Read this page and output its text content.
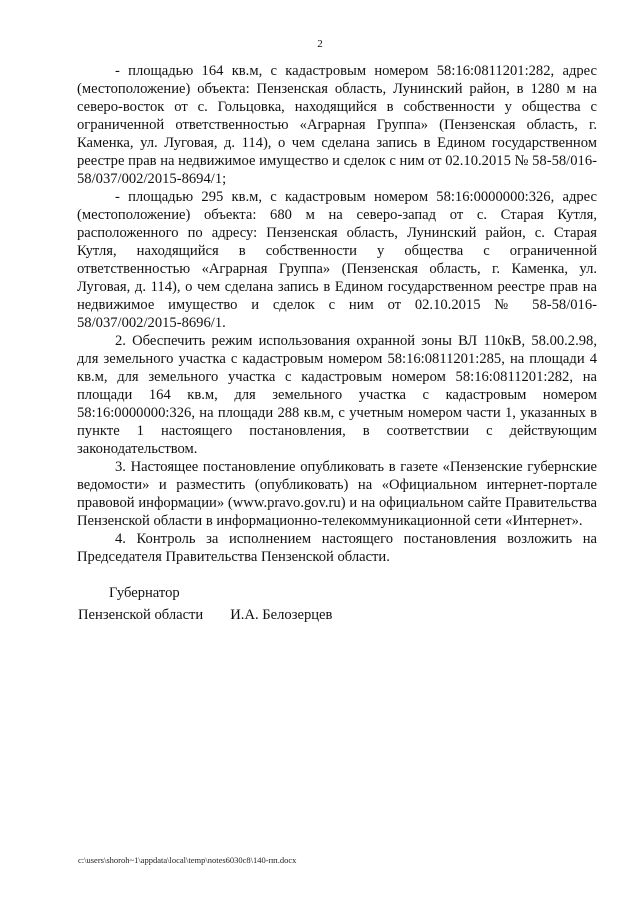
2

- площадью 164 кв.м, с кадастровым номером 58:16:0811201:282, адрес (местоположение) объекта: Пензенская область, Лунинский район, в 1280 м на северо-восток от с. Гольцовка, находящийся в собственности у общества с ограниченной ответственностью «Аграрная Группа» (Пензенская область, г. Каменка, ул. Луговая, д. 114), о чем сделана запись в Едином государственном реестре прав на недвижимое имущество и сделок с ним от 02.10.2015 № 58-58/016-58/037/002/2015-8694/1;

- площадью 295 кв.м, с кадастровым номером 58:16:0000000:326, адрес (местоположение) объекта: 680 м на северо-запад от с. Старая Кутля, расположенного по адресу: Пензенская область, Лунинский район, с. Старая Кутля, находящийся в собственности у общества с ограниченной ответственностью «Аграрная Группа» (Пензенская область, г. Каменка, ул. Луговая, д. 114), о чем сделана запись в Едином государственном реестре прав на недвижимое имущество и сделок с ним от 02.10.2015 № 58-58/016-58/037/002/2015-8696/1.

2. Обеспечить режим использования охранной зоны ВЛ 110кВ, 58.00.2.98, для земельного участка с кадастровым номером 58:16:0811201:285, на площади 4 кв.м, для земельного участка с кадастровым номером 58:16:0811201:282, на площади 164 кв.м, для земельного участка с кадастровым номером 58:16:0000000:326, на площади 288 кв.м, с учетным номером части 1, указанных в пункте 1 настоящего постановления, в соответствии с действующим законодательством.

3. Настоящее постановление опубликовать в газете «Пензенские губернские ведомости» и разместить (опубликовать) на «Официальном интернет-портале правовой информации» (www.pravo.gov.ru) и на официальном сайте Правительства Пензенской области в информационно-телекоммуникационной сети «Интернет».

4. Контроль за исполнением настоящего постановления возложить на Председателя Правительства Пензенской области.

Губернатор
Пензенской области И.А. Белозерцев
c:\users\shoroh~1\appdata\local\temp\notes6030c8\140-пп.docx
